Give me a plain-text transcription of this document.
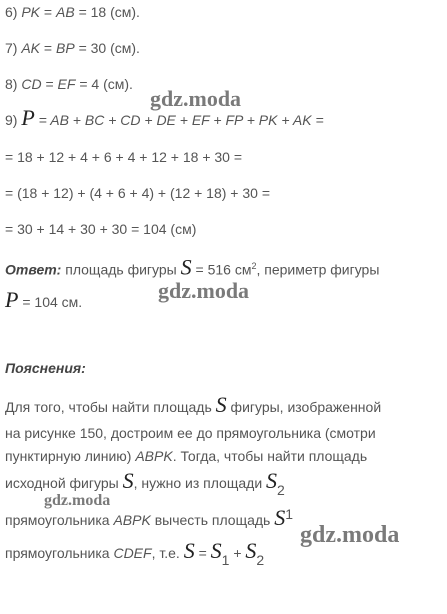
6) PK = AB = 18 (см).
7) AK = BP = 30 (см).
8) CD = EF = 4 (см).
9) P = AB + BC + CD + DE + EF + FP + PK + AK =
= 18 + 12 + 4 + 6 + 4 + 12 + 18 + 30 =
= (18 + 12) + (4 + 6 + 4) + (12 + 18) + 30 =
= 30 + 14 + 30 + 30 = 104 (см)
Ответ: площадь фигуры S = 516 $см^2$, периметр фигуры
P = 104 см.
Пояснения:
Для того, чтобы найти площадь S фигуры, изображенной
на рисунке 150, достроим ее до прямоугольника (смотри
пунктирную линию) ABPK. Тогда, чтобы найти площадь
исходной фигуры S, нужно из площади S2
прямоугольника ABPK вычесть площадь S1
прямоугольника CDEF, т.е. S = S1 + S2
gdz.moda
gdz.moda
gdz.moda
gdz.moda
